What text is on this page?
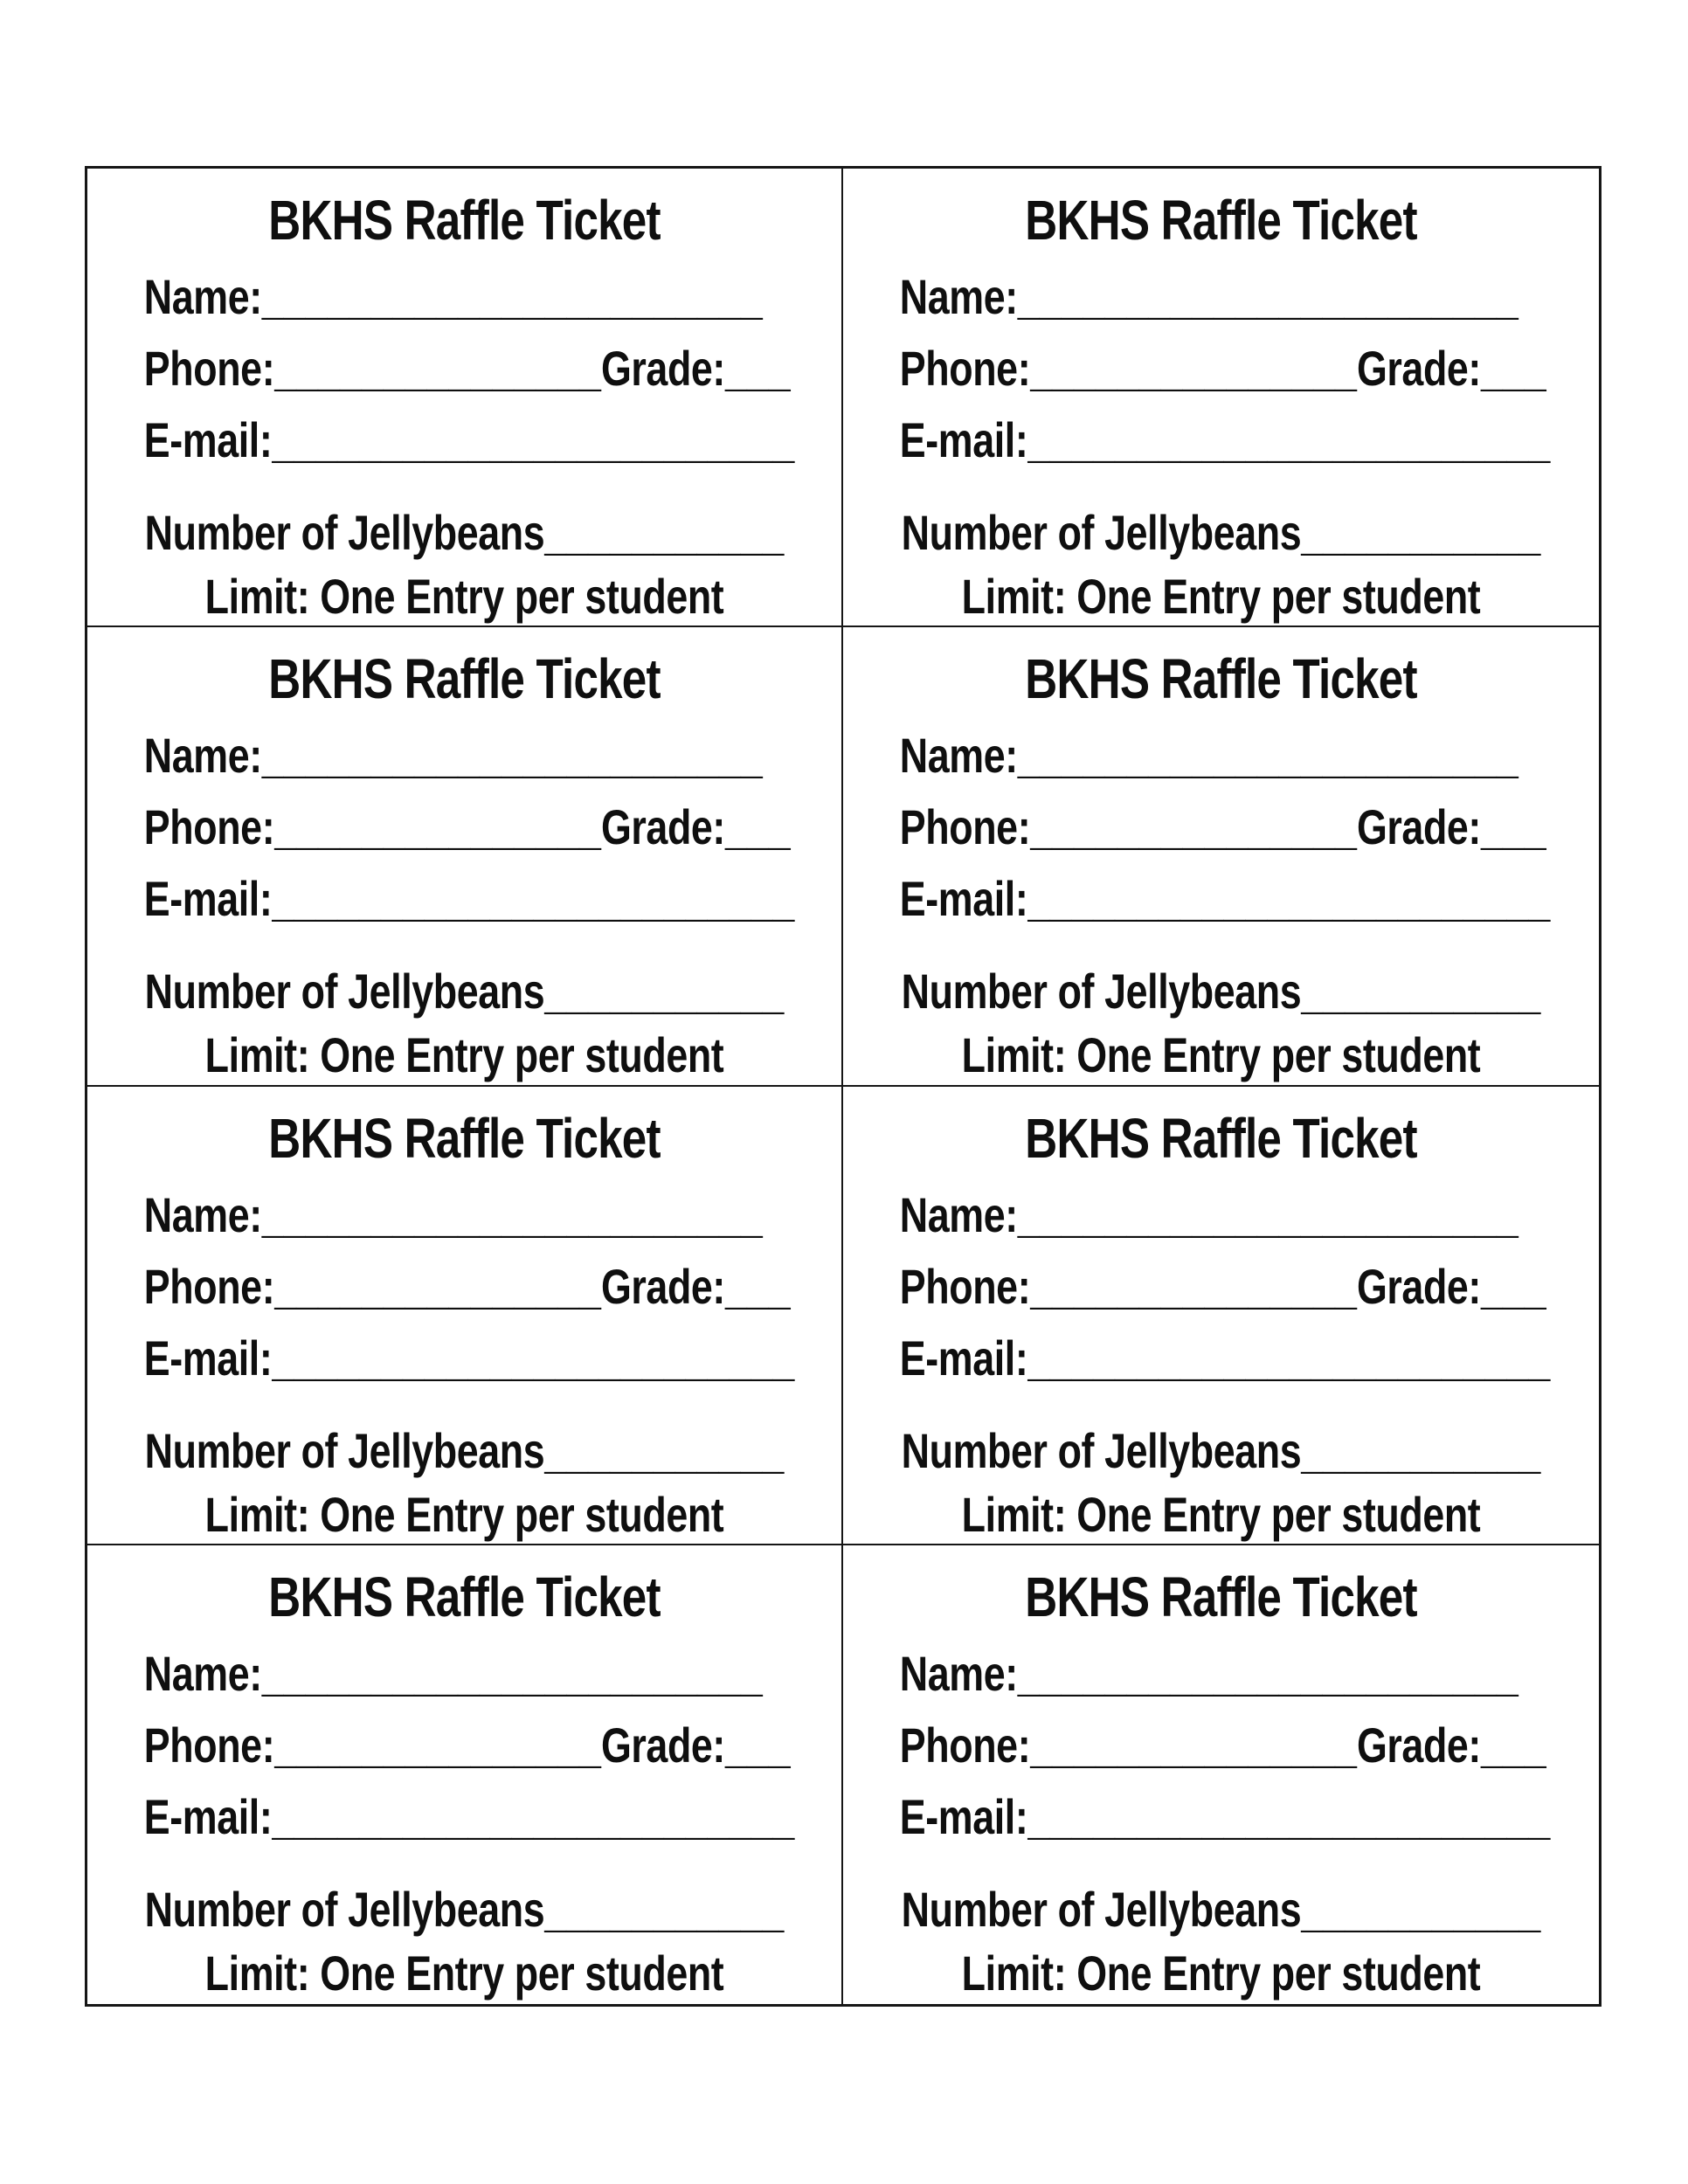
BKHS Raffle Ticket
Name:_______________________
Phone:_______________Grade:___
E-mail:________________________
Number of Jellybeans___________
Limit: One Entry per student
BKHS Raffle Ticket
Name:_______________________
Phone:_______________Grade:___
E-mail:________________________
Number of Jellybeans___________
Limit: One Entry per student
BKHS Raffle Ticket
Name:_______________________
Phone:_______________Grade:___
E-mail:________________________
Number of Jellybeans___________
Limit: One Entry per student
BKHS Raffle Ticket
Name:_______________________
Phone:_______________Grade:___
E-mail:________________________
Number of Jellybeans___________
Limit: One Entry per student
BKHS Raffle Ticket
Name:_______________________
Phone:_______________Grade:___
E-mail:________________________
Number of Jellybeans___________
Limit: One Entry per student
BKHS Raffle Ticket
Name:_______________________
Phone:_______________Grade:___
E-mail:________________________
Number of Jellybeans___________
Limit: One Entry per student
BKHS Raffle Ticket
Name:_______________________
Phone:_______________Grade:___
E-mail:________________________
Number of Jellybeans___________
Limit: One Entry per student
BKHS Raffle Ticket
Name:_______________________
Phone:_______________Grade:___
E-mail:________________________
Number of Jellybeans___________
Limit: One Entry per student
